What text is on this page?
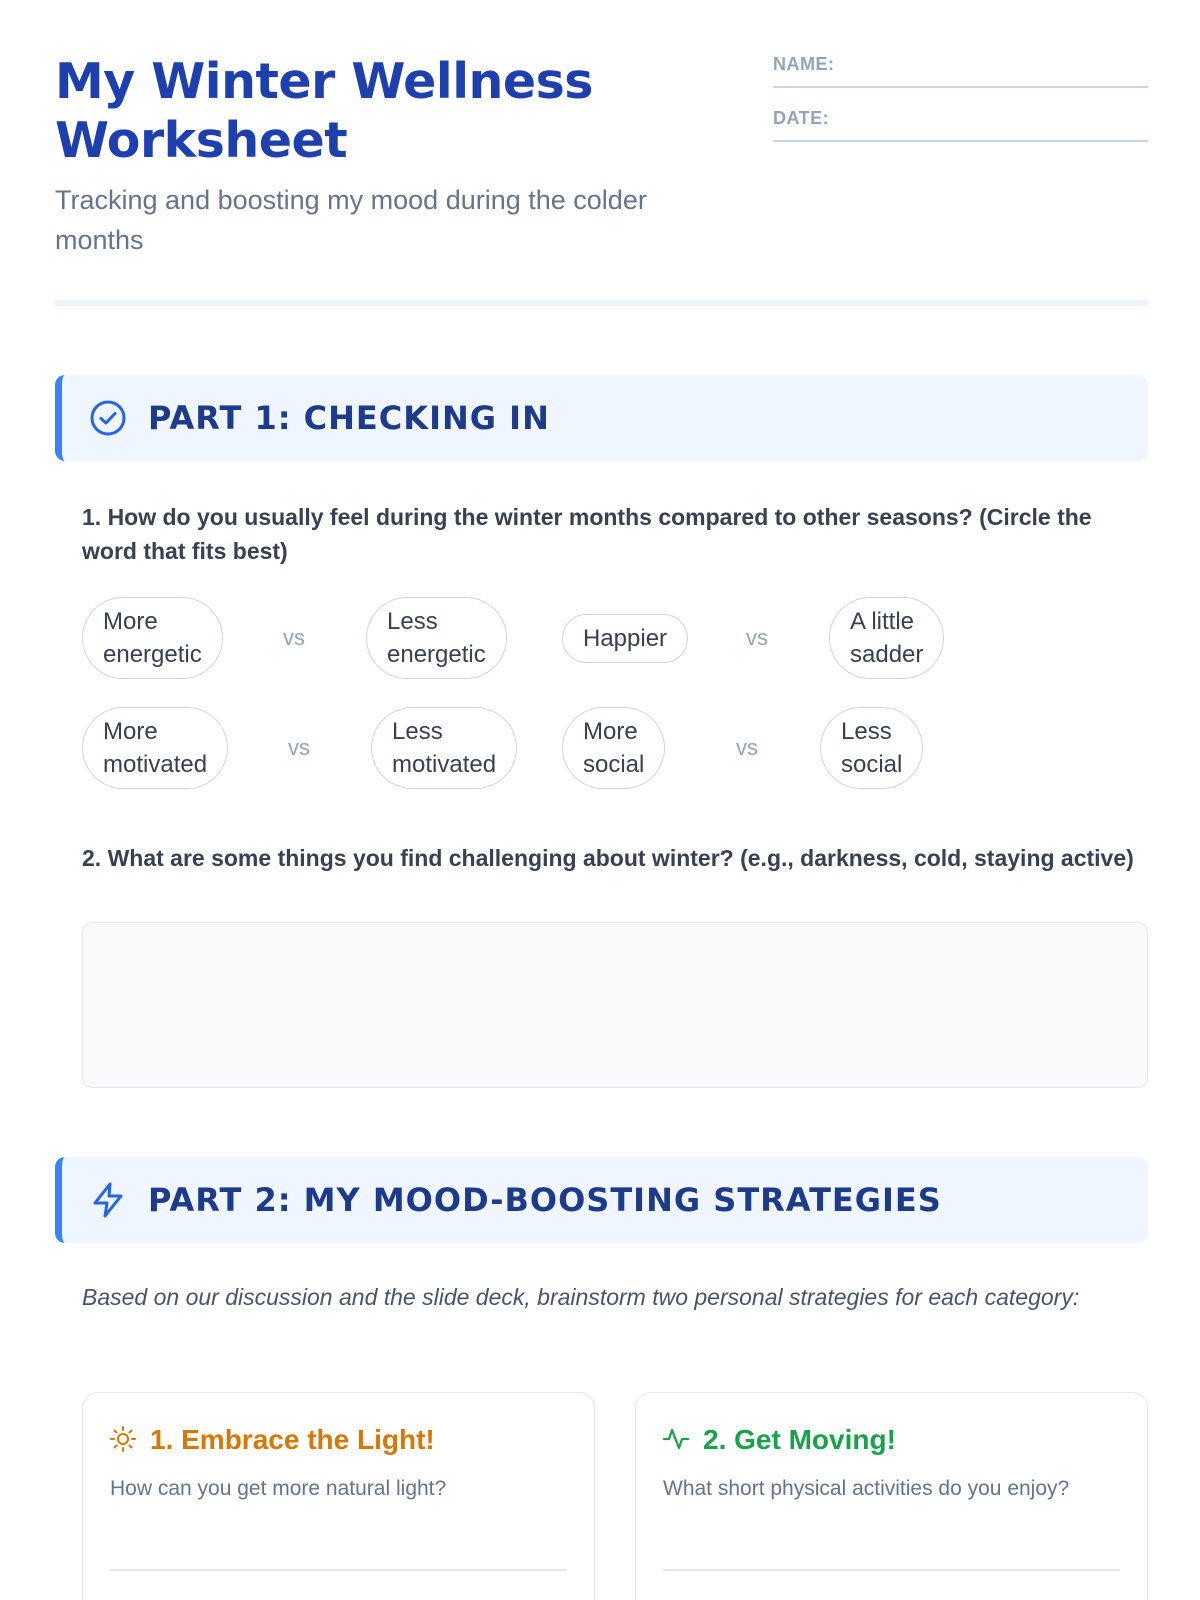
My Winter Wellness
Worksheet

Tracking and boosting my mood during the colder months

NAME:
DATE:
PART 1: CHECKING IN
1. How do you usually feel during the winter months compared to other seasons? (Circle the word that fits best)
More
energetic
vs
Less
energetic
Happier	vs
A little
sadder
More
motivated
vs
Less
motivated
More
social
vs
Less
social
2. What are some things you find challenging about winter? (e.g., darkness, cold, staying active)
PART 2: MY MOOD-BOOSTING STRATEGIES
Based on our discussion and the slide deck, brainstorm two personal strategies for each category:
1. Embrace the Light!
How can you get more natural light?
2. Get Moving!
What short physical activities do you enjoy?
